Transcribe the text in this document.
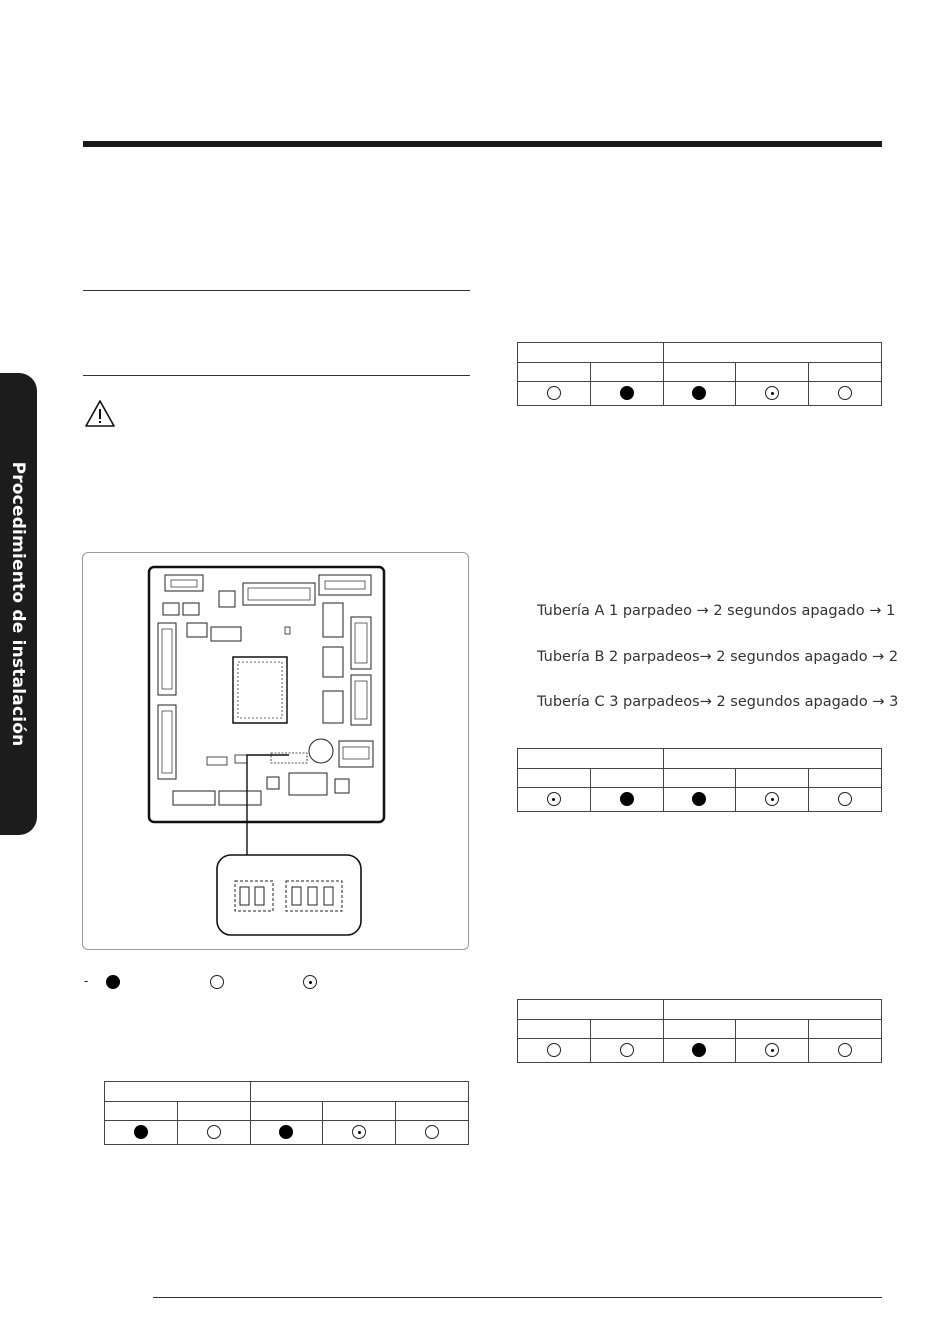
Procedimiento de instalación
-

Tubería A 1 parpadeo → 2 segundos apagado → 1
Tubería B 2 parpadeos→ 2 segundos apagado → 2
Tubería C 3 parpadeos→ 2 segundos apagado → 3
